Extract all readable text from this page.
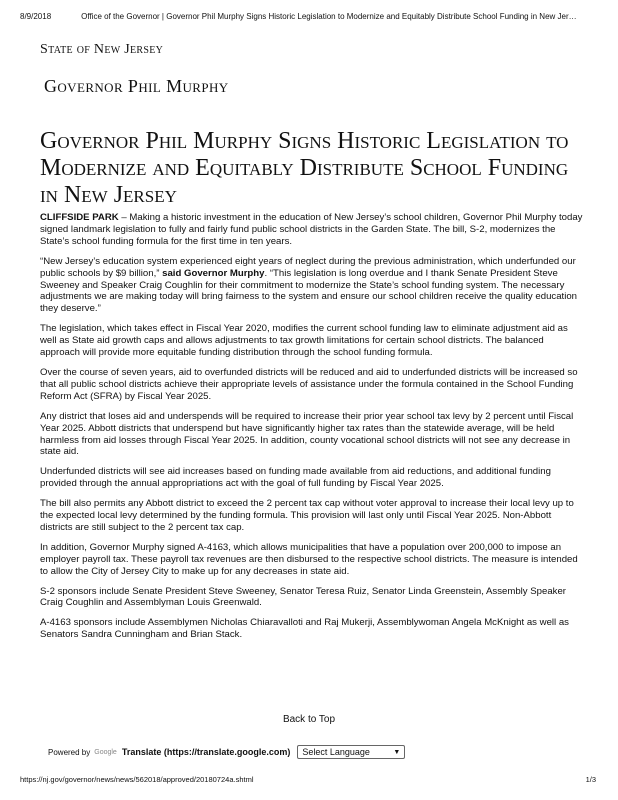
8/9/2018	Office of the Governor | Governor Phil Murphy Signs Historic Legislation to Modernize and Equitably Distribute School Funding in New Jer…
State of New Jersey
Governor Phil Murphy
Governor Phil Murphy Signs Historic Legislation to Modernize and Equitably Distribute School Funding in New Jersey

CLIFFSIDE PARK – Making a historic investment in the education of New Jersey’s school children, Governor Phil Murphy today signed landmark legislation to fully and fairly fund public school districts in the Garden State. The bill, S-2, modernizes the State’s school funding formula for the first time in ten years.

“New Jersey’s education system experienced eight years of neglect during the previous administration, which underfunded our public schools by $9 billion,” said Governor Murphy. “This legislation is long overdue and I thank Senate President Steve Sweeney and Speaker Craig Coughlin for their commitment to modernize the State’s school funding system. The necessary adjustments we are making today will bring fairness to the system and ensure our school children receive the quality education they deserve.”

The legislation, which takes effect in Fiscal Year 2020, modifies the current school funding law to eliminate adjustment aid as well as State aid growth caps and allows adjustments to tax growth limitations for certain school districts. The balanced approach will provide more equitable funding distribution through the school funding formula.

Over the course of seven years, aid to overfunded districts will be reduced and aid to underfunded districts will be increased so that all public school districts achieve their appropriate levels of assistance under the formula contained in the School Funding Reform Act (SFRA) by Fiscal Year 2025.

Any district that loses aid and underspends will be required to increase their prior year school tax levy by 2 percent until Fiscal Year 2025. Abbott districts that underspend but have significantly higher tax rates than the statewide average, will be held harmless from aid losses through Fiscal Year 2025. In addition, county vocational school districts will not see any decrease in state aid.

Underfunded districts will see aid increases based on funding made available from aid reductions, and additional funding provided through the annual appropriations act with the goal of full funding by Fiscal Year 2025.

The bill also permits any Abbott district to exceed the 2 percent tax cap without voter approval to increase their local levy up to the expected local levy determined by the funding formula. This provision will last only until Fiscal Year 2025. Non-Abbott districts are still subject to the 2 percent tax cap.

In addition, Governor Murphy signed A-4163, which allows municipalities that have a population over 200,000 to impose an employer payroll tax. These payroll tax revenues are then disbursed to the respective school districts. The measure is intended to allow the City of Jersey City to make up for any decreases in state aid.

S-2 sponsors include Senate President Steve Sweeney, Senator Teresa Ruiz, Senator Linda Greenstein, Assembly Speaker Craig Coughlin and Assemblyman Louis Greenwald.

A-4163 sponsors include Assemblymen Nicholas Chiaravalloti and Raj Mukerji, Assemblywoman Angela McKnight as well as Senators Sandra Cunningham and Brian Stack.

Back to Top
Powered by Google Translate (https://translate.google.com) Select Language	▼
https://nj.gov/governor/news/news/562018/approved/20180724a.shtml	1/3
